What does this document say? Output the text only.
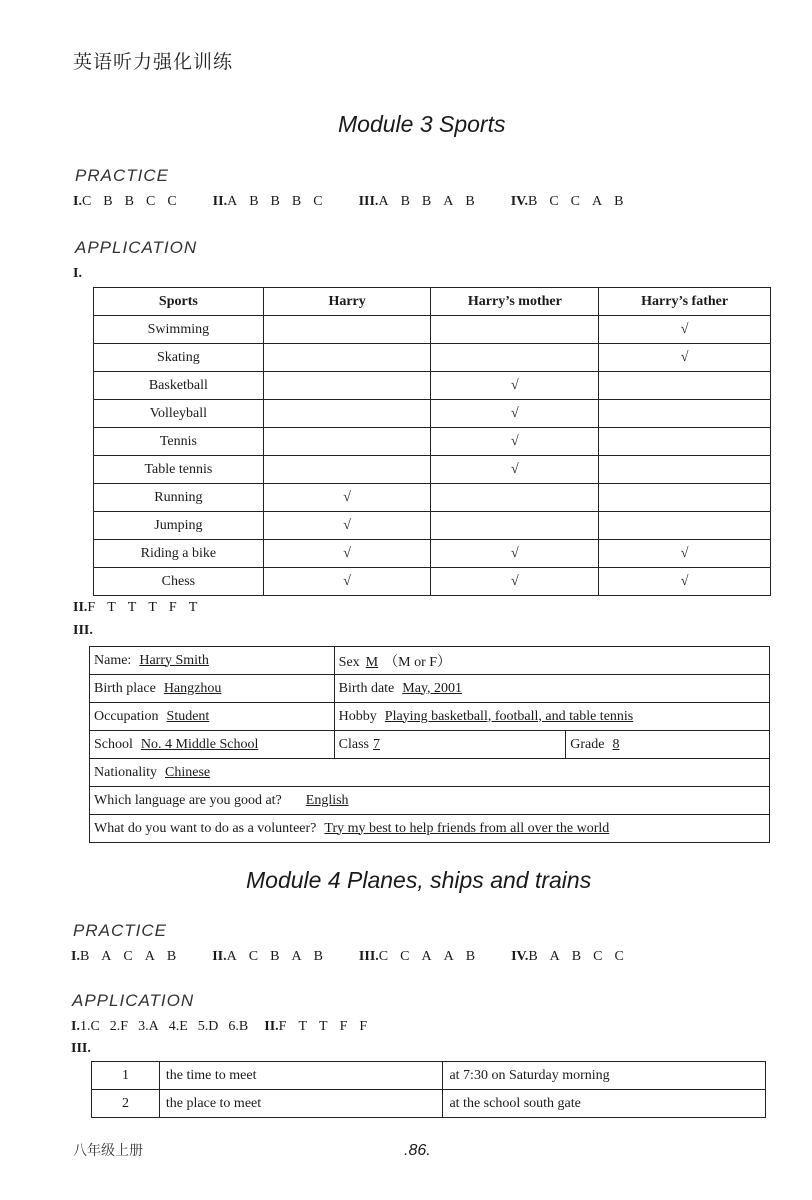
英语听力强化训练
Module 3 Sports
PRACTICE
I.C B B C C	II.A B B B C	III.A B B A B	IV.B C C A B
APPLICATION
I.
Sports	Harry	Harry’s mother	Harry’s father
Swimming			√
Skating			√
Basketball		√	
Volleyball		√	
Tennis		√	
Table tennis		√	
Running	√		
Jumping	√		
Riding a bike	√	√	√
Chess	√	√	√
II.F T T T F T
III.
Name: Harry Smith	Sex M （M or F）	
Birth place Hangzhou	Birth date May, 2001	
Occupation Student	Hobby Playing basketball, football, and table tennis	
School No. 4 Middle School	Class 7	Grade 8
Nationality Chinese		
Which language are you good at? English		
What do you want to do as a volunteer? Try my best to help friends from all over the world		
Module 4 Planes, ships and trains
PRACTICE
I.B A C A B	II.A C B A B	III.C C A A B	IV.B A B C C
APPLICATION
I.1.C 2.F 3.A 4.E 5.D 6.B II.F T T F F
III.
1	the time to meet	at 7:30 on Saturday morning
2	the place to meet	at the school south gate
八年级上册	.86.
